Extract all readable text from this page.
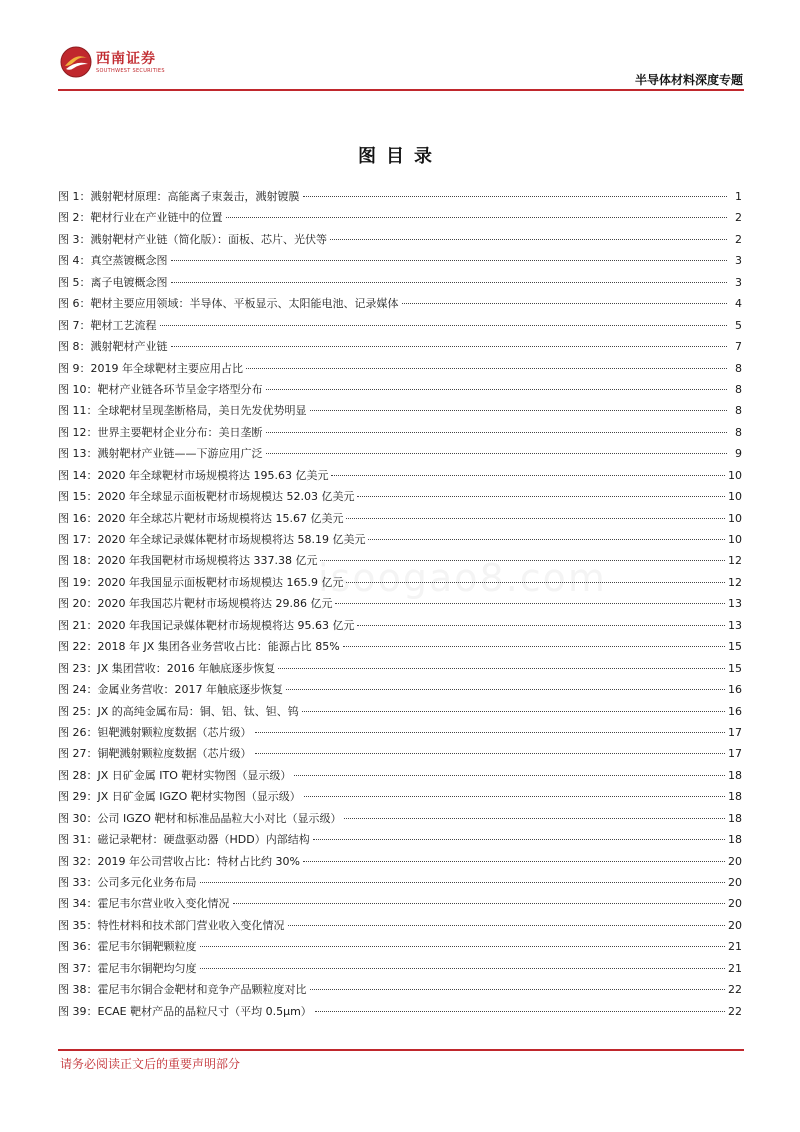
西南证券
SOUTHWEST SECURITIES
半导体材料深度专题
图目录
isoogao8.com
图 1：溅射靶材原理：高能离子束轰击，溅射镀膜	1
图 2：靶材行业在产业链中的位置	2
图 3：溅射靶材产业链（简化版）：面板、芯片、光伏等	2
图 4：真空蒸镀概念图	3
图 5：离子电镀概念图	3
图 6：靶材主要应用领域：半导体、平板显示、太阳能电池、记录媒体	4
图 7：靶材工艺流程	5
图 8：溅射靶材产业链	7
图 9：2019 年全球靶材主要应用占比	8
图 10：靶材产业链各环节呈金字塔型分布	8
图 11：全球靶材呈现垄断格局，美日先发优势明显	8
图 12：世界主要靶材企业分布：美日垄断	8
图 13：溅射靶材产业链——下游应用广泛	9
图 14：2020 年全球靶材市场规模将达 195.63 亿美元	10
图 15：2020 年全球显示面板靶材市场规模达 52.03 亿美元	10
图 16：2020 年全球芯片靶材市场规模将达 15.67 亿美元	10
图 17：2020 年全球记录媒体靶材市场规模将达 58.19 亿美元	10
图 18：2020 年我国靶材市场规模将达 337.38 亿元	12
图 19：2020 年我国显示面板靶材市场规模达 165.9 亿元	12
图 20：2020 年我国芯片靶材市场规模将达 29.86 亿元	13
图 21：2020 年我国记录媒体靶材市场规模将达 95.63 亿元	13
图 22：2018 年 JX 集团各业务营收占比：能源占比 85%	15
图 23：JX 集团营收：2016 年触底逐步恢复	15
图 24：金属业务营收：2017 年触底逐步恢复	16
图 25：JX 的高纯金属布局：铜、铝、钛、钽、钨	16
图 26：钽靶溅射颗粒度数据（芯片级）	17
图 27：铜靶溅射颗粒度数据（芯片级）	17
图 28：JX 日矿金属 ITO 靶材实物图（显示级）	18
图 29：JX 日矿金属 IGZO 靶材实物图（显示级）	18
图 30：公司 IGZO 靶材和标准品晶粒大小对比（显示级）	18
图 31：磁记录靶材：硬盘驱动器（HDD）内部结构	18
图 32：2019 年公司营收占比：特材占比约 30%	20
图 33：公司多元化业务布局	20
图 34：霍尼韦尔营业收入变化情况	20
图 35：特性材料和技术部门营业收入变化情况	20
图 36：霍尼韦尔铜靶颗粒度	21
图 37：霍尼韦尔铜靶均匀度	21
图 38：霍尼韦尔铜合金靶材和竞争产品颗粒度对比	22
图 39：ECAE 靶材产品的晶粒尺寸（平均 0.5μm）	22
请务必阅读正文后的重要声明部分
